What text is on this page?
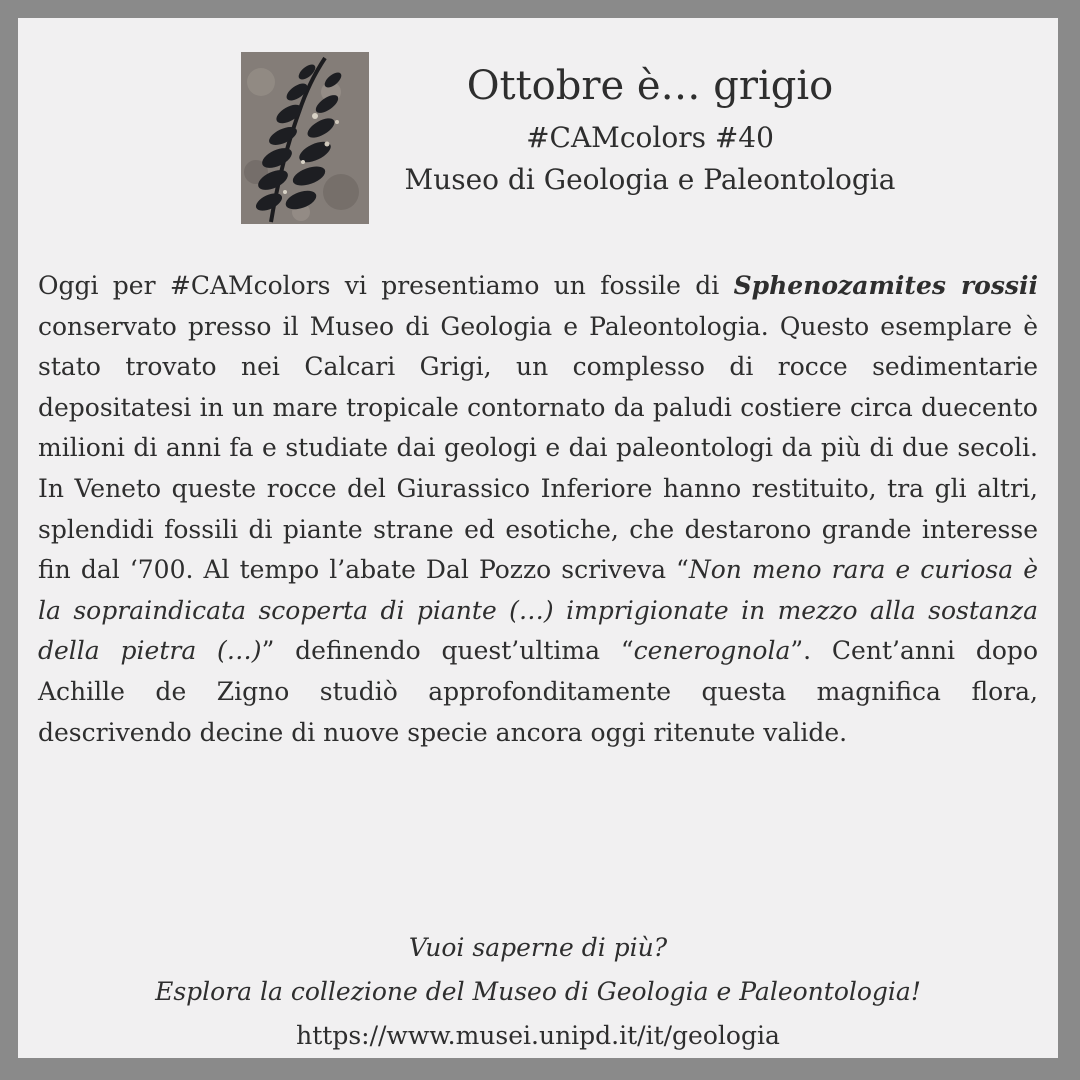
Ottobre è… grigio
#CAMcolors #40
Museo di Geologia e Paleontologia
Oggi per #CAMcolors vi presentiamo un fossile di Sphenozamites rossii conservato presso il Museo di Geologia e Paleontologia. Questo esemplare è stato trovato nei Calcari Grigi, un complesso di rocce sedimentarie depositatesi in un mare tropicale contornato da paludi costiere circa duecento milioni di anni fa e studiate dai geologi e dai paleontologi da più di due secoli. In Veneto queste rocce del Giurassico Inferiore hanno restituito, tra gli altri, splendidi fossili di piante strane ed esotiche, che destarono grande interesse fin dal ‘700. Al tempo l’abate Dal Pozzo scriveva “Non meno rara e curiosa è la sopraindicata scoperta di piante (…) imprigionate in mezzo alla sostanza della pietra (…)” definendo quest’ultima “cenerognola”. Cent’anni dopo Achille de Zigno studiò approfonditamente questa magnifica flora, descrivendo decine di nuove specie ancora oggi ritenute valide.
Vuoi saperne di più?
Esplora la collezione del Museo di Geologia e Paleontologia!
https://www.musei.unipd.it/it/geologia
